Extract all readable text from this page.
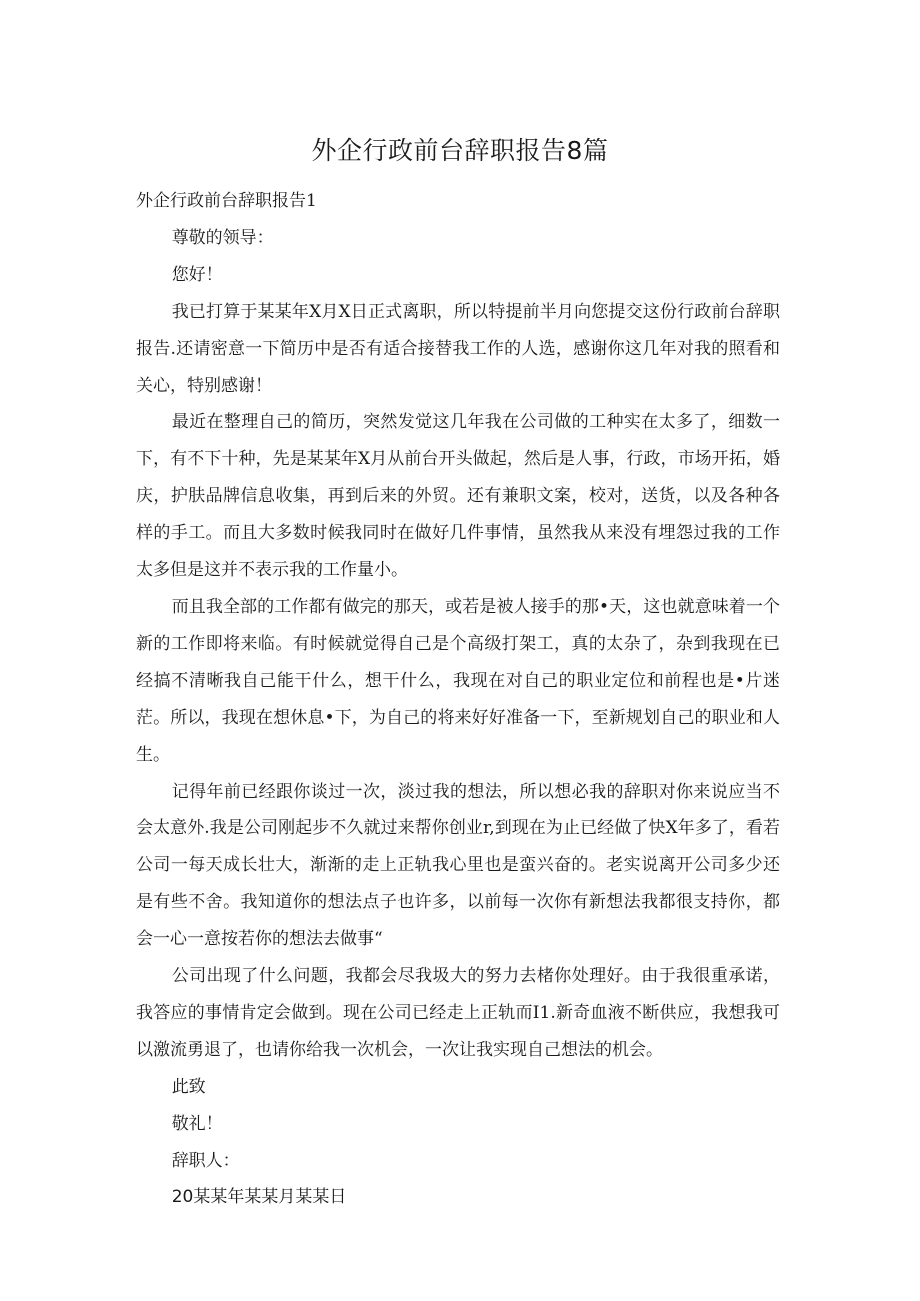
外企行政前台辞职报告8篇

外企行政前台辞职报告1

尊敬的领导：

您好！

我已打算于某某年X月X日正式离职，所以特提前半月向您提交这份行政前台辞职报告.还请密意一下简历中是否有适合接替我工作的人选，感谢你这几年对我的照看和关心，特别感谢！

最近在整理自己的简历，突然发觉这几年我在公司做的工种实在太多了，细数一下，有不下十种，先是某某年X月从前台开头做起，然后是人事，行政，市场开拓，婚庆，护肤品牌信息收集，再到后来的外贸。还有兼职文案，校对，送货，以及各种各样的手工。而且大多数时候我同时在做好几件事情，虽然我从来没有埋怨过我的工作太多但是这并不表示我的工作量小。

而且我全部的工作都有做完的那天，或若是被人接手的那•天，这也就意味着一个新的工作即将来临。有时候就觉得自己是个高级打架工，真的太杂了，杂到我现在已经搞不清晰我自己能干什么，想干什么，我现在对自己的职业定位和前程也是•片迷茫。所以，我现在想休息•下，为自己的将来好好准备一下，至新规划自己的职业和人生。

记得年前已经跟你谈过一次，淡过我的想法，所以想必我的辞职对你来说应当不会太意外.我是公司刚起步不久就过来帮你创业r,到现在为止已经做了快X年多了，看若公司一每天成长壮大，渐渐的走上正轨我心里也是蛮兴奋的。老实说离开公司多少还是有些不舍。我知道你的想法点子也许多，以前每一次你有新想法我都很支持你，都会一心一意按若你的想法去做事“

公司出现了什么问题，我都会尽我圾大的努力去楮你处理好。由于我很重承诺，我答应的事情肯定会做到。现在公司已经走上正轨而I1.新奇血液不断供应，我想我可以激流勇退了，也请你给我一次机会，一次让我实现自己想法的机会。

此致

敬礼！

辞职人：

20某某年某某月某某日
